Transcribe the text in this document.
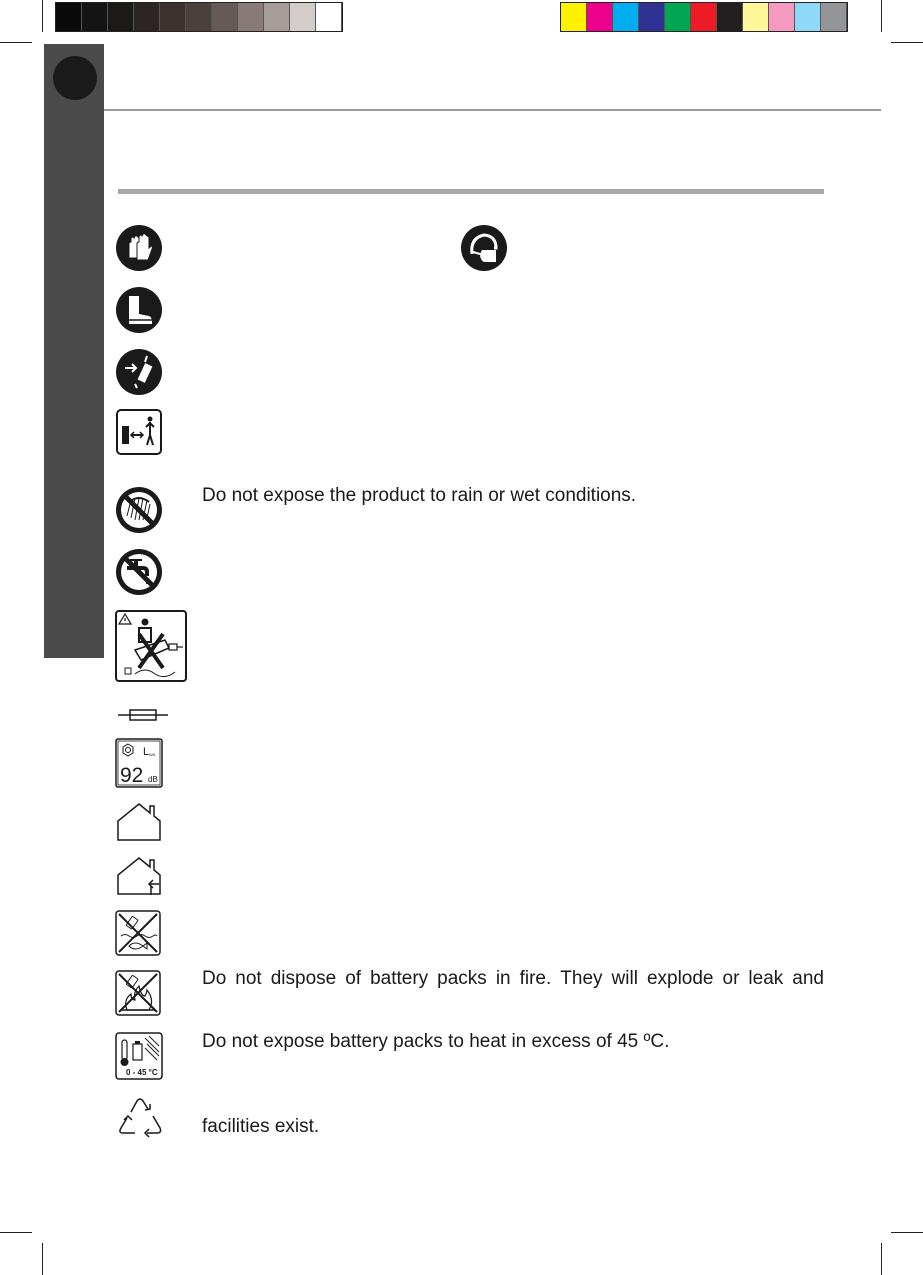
L WA
92 dB
0 - 45 °C
Do not expose the product to rain or wet conditions.
Do not dispose of battery packs in fire. They will explode or leak and
Do not expose battery packs to heat in excess of 45 ºC.
facilities exist.
